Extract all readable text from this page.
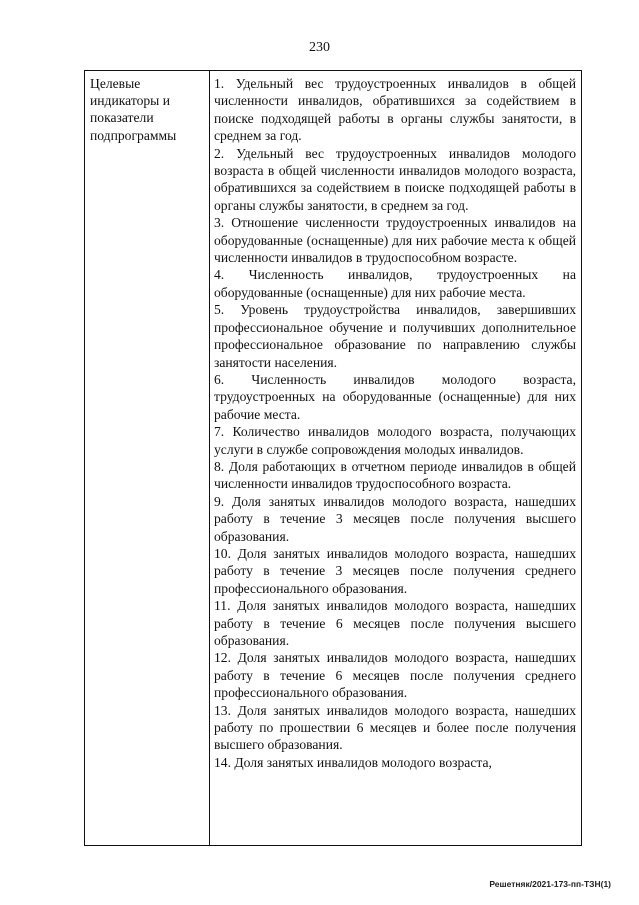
230
Целевые индикаторы и показатели подпрограммы

1. Удельный вес трудоустроенных инвалидов в общей численности инвалидов, обратившихся за содействием в поиске подходящей работы в органы службы занятости, в среднем за год.

2. Удельный вес трудоустроенных инвалидов молодого возраста в общей численности инвалидов молодого возраста, обратившихся за содействием в поиске подходящей работы в органы службы занятости, в среднем за год.

3. Отношение численности трудоустроенных инвалидов на оборудованные (оснащенные) для них рабочие места к общей численности инвалидов в трудоспособном возрасте.

4. Численность инвалидов, трудоустроенных на оборудованные (оснащенные) для них рабочие места.

5. Уровень трудоустройства инвалидов, завершивших профессиональное обучение и получивших дополнительное профессиональное образование по направлению службы занятости населения.

6. Численность инвалидов молодого возраста, трудоустроенных на оборудованные (оснащенные) для них рабочие места.

7. Количество инвалидов молодого возраста, получающих услуги в службе сопровождения молодых инвалидов.

8. Доля работающих в отчетном периоде инвалидов в общей численности инвалидов трудоспособного возраста.

9. Доля занятых инвалидов молодого возраста, нашедших работу в течение 3 месяцев после получения высшего образования.

10. Доля занятых инвалидов молодого возраста, нашедших работу в течение 3 месяцев после получения среднего профессионального образования.

11. Доля занятых инвалидов молодого возраста, нашедших работу в течение 6 месяцев после получения высшего образования.

12. Доля занятых инвалидов молодого возраста, нашедших работу в течение 6 месяцев после получения среднего профессионального образования.

13. Доля занятых инвалидов молодого возраста, нашедших работу по прошествии 6 месяцев и более после получения высшего образования.

14. Доля занятых инвалидов молодого возраста,

Решетняк/2021-173-пп-ТЗН(1)
